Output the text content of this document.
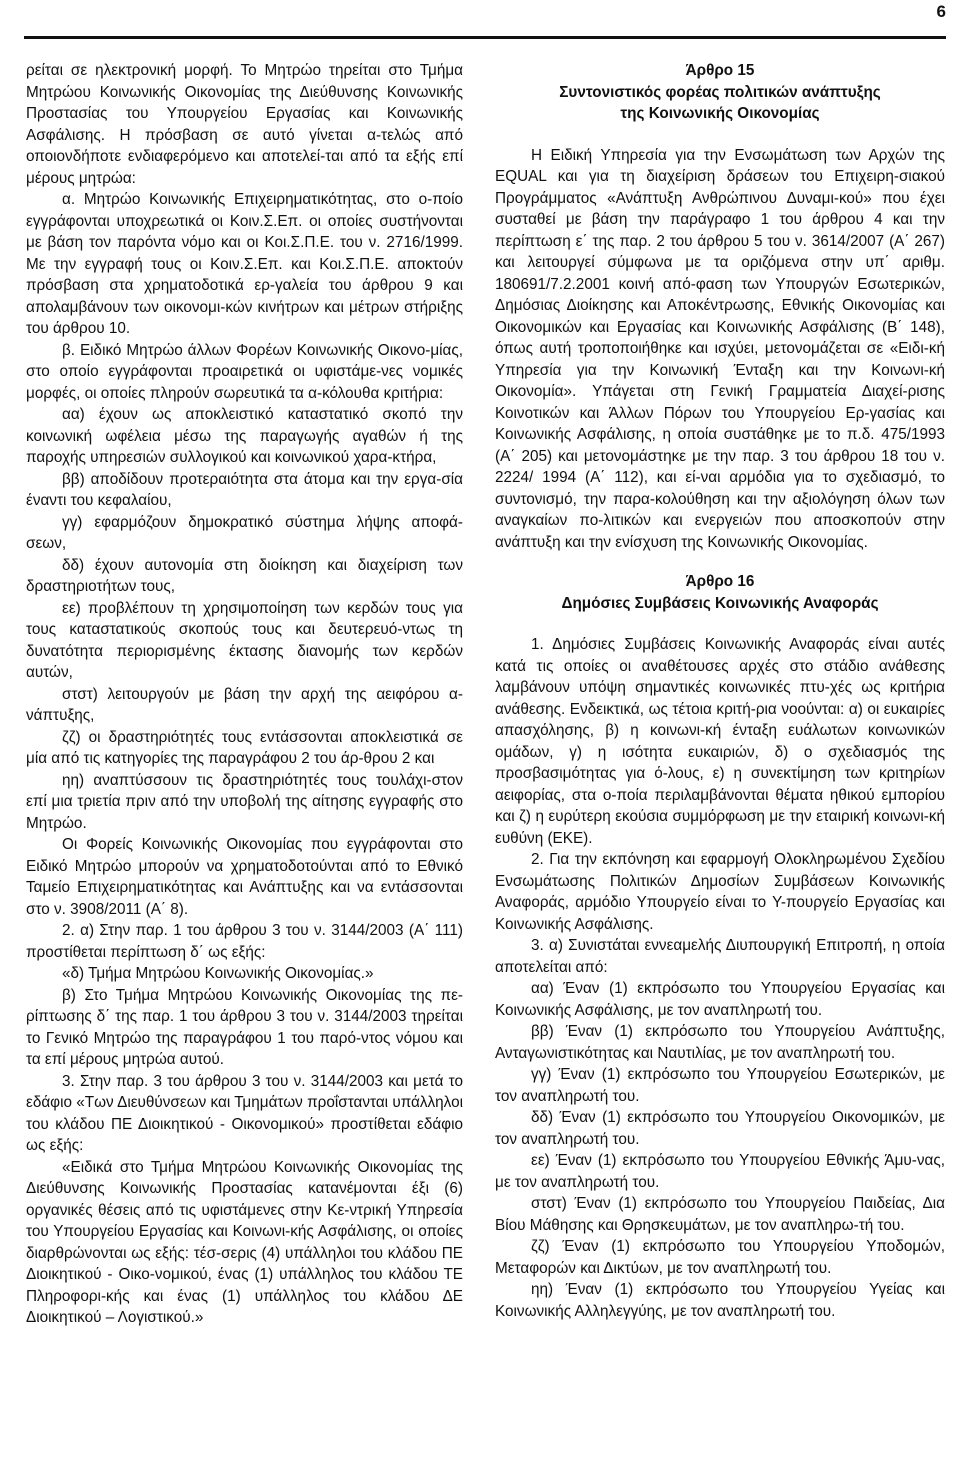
6

ρείται σε ηλεκτρονική μορφή. Το Μητρώο τηρείται στο Τμήμα Μητρώου Κοινωνικής Οικονομίας της Διεύθυνσης Κοινωνικής Προστασίας του Υπουργείου Εργασίας και Κοινωνικής Ασφάλισης. Η πρόσβαση σε αυτό γίνεται α-τελώς από οποιονδήποτε ενδιαφερόμενο και αποτελεί-ται από τα εξής επί μέρους μητρώα:

α. Μητρώο Κοινωνικής Επιχειρηματικότητας, στο ο-ποίο εγγράφονται υποχρεωτικά οι Κοιν.Σ.Επ. οι οποίες συστήνονται με βάση τον παρόντα νόμο και οι Κοι.Σ.Π.Ε. του ν. 2716/1999. Με την εγγραφή τους οι Κοιν.Σ.Επ. και Κοι.Σ.Π.Ε. αποκτούν πρόσβαση στα χρηματοδοτικά ερ-γαλεία του άρθρου 9 και απολαμβάνουν των οικονομι-κών κινήτρων και μέτρων στήριξης του άρθρου 10.

β. Ειδικό Μητρώο άλλων Φορέων Κοινωνικής Οικονο-μίας, στο οποίο εγγράφονται προαιρετικά οι υφιστάμε-νες νομικές μορφές, οι οποίες πληρούν σωρευτικά τα α-κόλουθα κριτήρια:

αα) έχουν ως αποκλειστικό καταστατικό σκοπό την κοινωνική ωφέλεια μέσω της παραγωγής αγαθών ή της παροχής υπηρεσιών συλλογικού και κοινωνικού χαρα-κτήρα,

ββ) αποδίδουν προτεραιότητα στα άτομα και την εργα-σία έναντι του κεφαλαίου,

γγ) εφαρμόζουν δημοκρατικό σύστημα λήψης αποφά-σεων,

δδ) έχουν αυτονομία στη διοίκηση και διαχείριση των δραστηριοτήτων τους,

εε) προβλέπουν τη χρησιμοποίηση των κερδών τους για τους καταστατικούς σκοπούς τους και δευτερευό-ντως τη δυνατότητα περιορισμένης έκτασης διανομής των κερδών αυτών,

στστ) λειτουργούν με βάση την αρχή της αειφόρου α-νάπτυξης,

ζζ) οι δραστηριότητές τους εντάσσονται αποκλειστικά σε μία από τις κατηγορίες της παραγράφου 2 του άρ-θρου 2 και

ηη) αναπτύσσουν τις δραστηριότητές τους τουλάχι-στον επί μια τριετία πριν από την υποβολή της αίτησης εγγραφής στο Μητρώο.

Οι Φορείς Κοινωνικής Οικονομίας που εγγράφονται στο Ειδικό Μητρώο μπορούν να χρηματοδοτούνται από το Εθνικό Ταμείο Επιχειρηματικότητας και Ανάπτυξης και να εντάσσονται στο ν. 3908/2011 (Α΄ 8).

2. α) Στην παρ. 1 του άρθρου 3 του ν. 3144/2003 (Α΄ 111) προστίθεται περίπτωση δ΄ ως εξής:

«δ) Τμήμα Μητρώου Κοινωνικής Οικονομίας.»

β) Στο Τμήμα Μητρώου Κοινωνικής Οικονομίας της πε-ρίπτωσης δ΄ της παρ. 1 του άρθρου 3 του ν. 3144/2003 τηρείται το Γενικό Μητρώο της παραγράφου 1 του παρό-ντος νόμου και τα επί μέρους μητρώα αυτού.

3. Στην παρ. 3 του άρθρου 3 του ν. 3144/2003 και μετά το εδάφιο «Των Διευθύνσεων και Τμημάτων προΐστανται υπάλληλοι του κλάδου ΠΕ Διοικητικού - Οικονομικού» προστίθεται εδάφιο ως εξής:

«Ειδικά στο Τμήμα Μητρώου Κοινωνικής Οικονομίας της Διεύθυνσης Κοινωνικής Προστασίας κατανέμονται έξι (6) οργανικές θέσεις από τις υφιστάμενες στην Κε-ντρική Υπηρεσία του Υπουργείου Εργασίας και Κοινωνι-κής Ασφάλισης, οι οποίες διαρθρώνονται ως εξής: τέσ-σερις (4) υπάλληλοι του κλάδου ΠΕ Διοικητικού - Οικο-νομικού, ένας (1) υπάλληλος του κλάδου ΤΕ Πληροφορι-κής και ένας (1) υπάλληλος του κλάδου ΔΕ Διοικητικού – Λογιστικού.»

Άρθρο 15

Συντονιστικός φορέας πολιτικών ανάπτυξης

της Κοινωνικής Οικονομίας

Η Ειδική Υπηρεσία για την Ενσωμάτωση των Αρχών της EQUAL και για τη διαχείριση δράσεων του Επιχειρη-σιακού Προγράμματος «Ανάπτυξη Ανθρώπινου Δυναμι-κού» που έχει συσταθεί με βάση την παράγραφο 1 του άρθρου 4 και την περίπτωση ε΄ της παρ. 2 του άρθρου 5 του ν. 3614/2007 (Α΄ 267) και λειτουργεί σύμφωνα με τα οριζόμενα στην υπ΄ αριθμ. 180691/7.2.2001 κοινή από-φαση των Υπουργών Εσωτερικών, Δημόσιας Διοίκησης και Αποκέντρωσης, Εθνικής Οικονομίας και Οικονομικών και Εργασίας και Κοινωνικής Ασφάλισης (Β΄ 148), όπως αυτή τροποποιήθηκε και ισχύει, μετονομάζεται σε «Ειδι-κή Υπηρεσία για την Κοινωνική Ένταξη και την Κοινωνι-κή Οικονομία». Υπάγεται στη Γενική Γραμματεία Διαχεί-ρισης Κοινοτικών και Άλλων Πόρων του Υπουργείου Ερ-γασίας και Κοινωνικής Ασφάλισης, η οποία συστάθηκε με το π.δ. 475/1993 (Α΄ 205) και μετονομάστηκε με την παρ. 3 του άρθρου 18 του ν. 2224/ 1994 (Α΄ 112), και εί-ναι αρμόδια για το σχεδιασμό, το συντονισμό, την παρα-κολούθηση και την αξιολόγηση όλων των αναγκαίων πο-λιτικών και ενεργειών που αποσκοπούν στην ανάπτυξη και την ενίσχυση της Κοινωνικής Οικονομίας.

Άρθρο 16

Δημόσιες Συμβάσεις Κοινωνικής Αναφοράς

1. Δημόσιες Συμβάσεις Κοινωνικής Αναφοράς είναι αυτές κατά τις οποίες οι αναθέτουσες αρχές στο στάδιο ανάθεσης λαμβάνουν υπόψη σημαντικές κοινωνικές πτυ-χές ως κριτήρια ανάθεσης. Ενδεικτικά, ως τέτοια κριτή-ρια νοούνται: α) οι ευκαιρίες απασχόλησης, β) η κοινωνι-κή ένταξη ευάλωτων κοινωνικών ομάδων, γ) η ισότητα ευκαιριών, δ) ο σχεδιασμός της προσβασιμότητας για ό-λους, ε) η συνεκτίμηση των κριτηρίων αειφορίας, στα ο-ποία περιλαμβάνονται θέματα ηθικού εμπορίου και ζ) η ευρύτερη εκούσια συμμόρφωση με την εταιρική κοινωνι-κή ευθύνη (ΕΚΕ).

2. Για την εκπόνηση και εφαρμογή Ολοκληρωμένου Σχεδίου Ενσωμάτωσης Πολιτικών Δημοσίων Συμβάσεων Κοινωνικής Αναφοράς, αρμόδιο Υπουργείο είναι το Υ-πουργείο Εργασίας και Κοινωνικής Ασφάλισης.

3. α) Συνιστάται εννεαμελής Διυπουργική Επιτροπή, η οποία αποτελείται από:

αα) Έναν (1) εκπρόσωπο του Υπουργείου Εργασίας και Κοινωνικής Ασφάλισης, με τον αναπληρωτή του.

ββ) Έναν (1) εκπρόσωπο του Υπουργείου Ανάπτυξης, Ανταγωνιστικότητας και Ναυτιλίας, με τον αναπληρωτή του.

γγ) Έναν (1) εκπρόσωπο του Υπουργείου Εσωτερικών, με τον αναπληρωτή του.

δδ) Έναν (1) εκπρόσωπο του Υπουργείου Οικονομικών, με τον αναπληρωτή του.

εε) Έναν (1) εκπρόσωπο του Υπουργείου Εθνικής Άμυ-νας, με τον αναπληρωτή του.

στστ) Έναν (1) εκπρόσωπο του Υπουργείου Παιδείας, Δια Βίου Μάθησης και Θρησκευμάτων, με τον αναπληρω-τή του.

ζζ) Έναν (1) εκπρόσωπο του Υπουργείου Υποδομών, Μεταφορών και Δικτύων, με τον αναπληρωτή του.

ηη) Έναν (1) εκπρόσωπο του Υπουργείου Υγείας και Κοινωνικής Αλληλεγγύης, με τον αναπληρωτή του.
